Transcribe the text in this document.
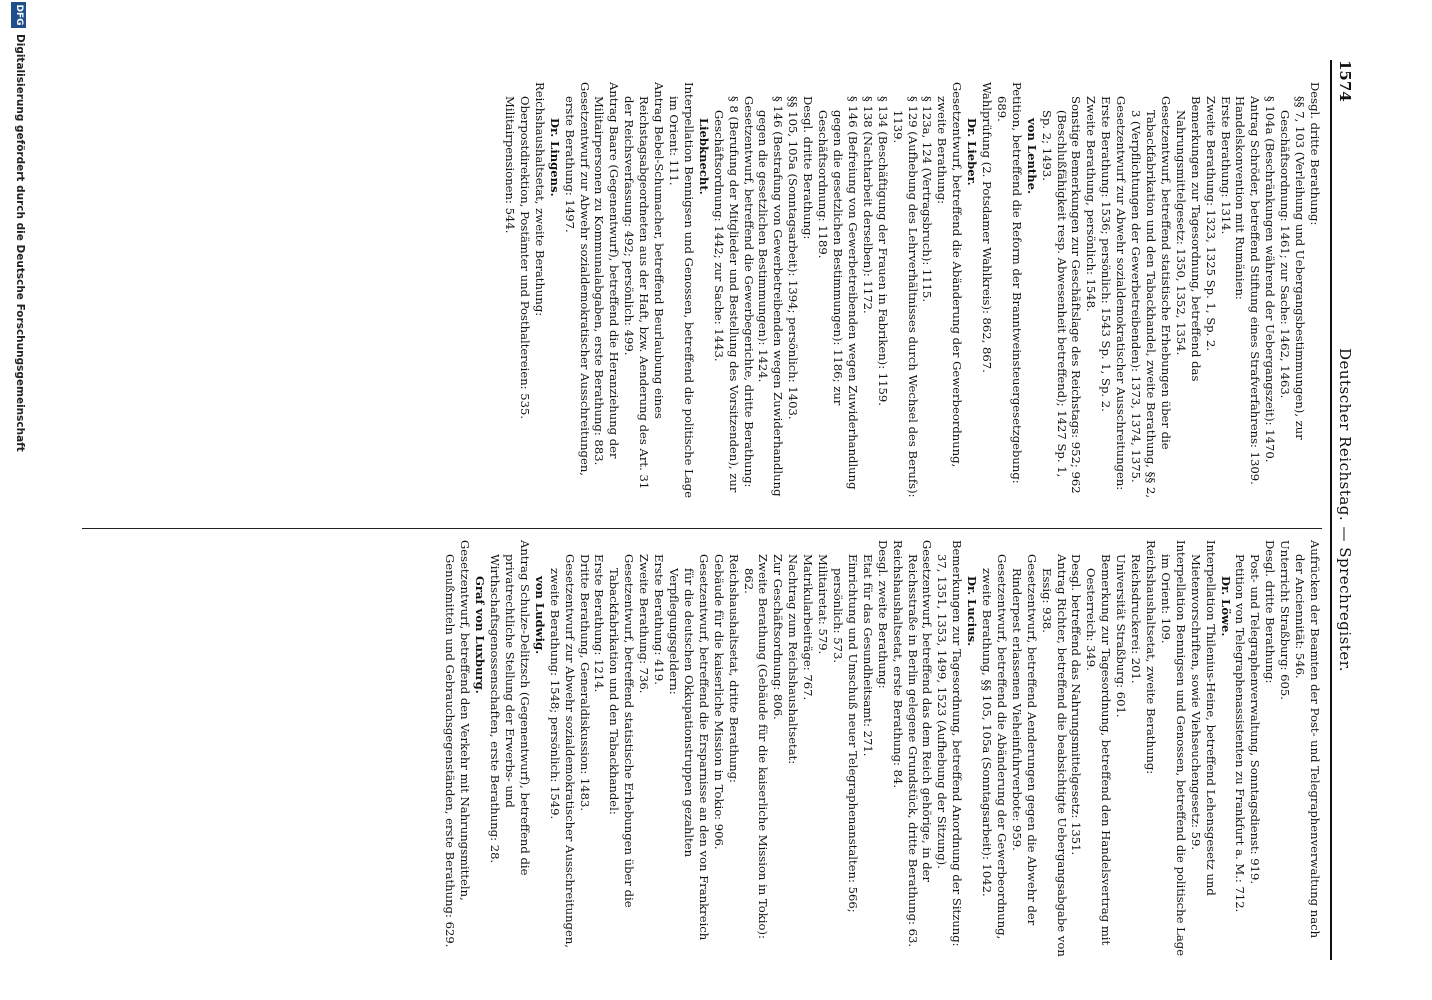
1574
Deutscher Reichstag. — Sprechregister.
Desgl. dritte Berathung:
§§ 7, 103 (Verleihung und Uebergangsbestimmungen), zur Geschäftsordnung: 1461; zur Sache: 1462, 1463.
§ 104a (Beschränkungen während der Uebergangszeit): 1470.
Antrag Schröder, betreffend Stiftung eines Strafverfahrens: 1309.
Handelskonvention mit Rumänien:
Erste Berathung: 1314.
Zweite Berathung: 1323, 1325 Sp. 1, Sp. 2.
Bemerkungen zur Tagesordnung, betreffend das Nahrungsmittelgesetz: 1350, 1352, 1354.
Gesetzentwurf, betreffend statistische Erhebungen über die Tabackfabrikation und den Tabackhandel, zweite Berathung, §§ 2, 3 (Verpflichtungen der Gewerbetreibenden): 1373, 1374, 1375.
Gesetzentwurf zur Abwehr sozialdemokratischer Ausschreitungen:
Erste Berathung: 1536; persönlich: 1543 Sp. 1, Sp. 2.
Zweite Berathung, persönlich: 1548.
Sonstige Bemerkungen zur Geschäftslage des Reichstags: 952; 962 (Beschlußfähigkeit resp. Abwesenheit betreffend); 1427 Sp. 1, Sp. 2; 1493.
von Lenthe.
Petition, betreffend die Reform der Branntweinsteuergesetzgebung: 689.
Wahlprüfung (2. Potsdamer Wahlkreis): 862, 867.
Dr. Lieber.
Gesetzentwurf, betreffend die Abänderung der Gewerbeordnung, zweite Berathung:
§ 123a, 124 (Vertragsbruch): 1115.
§ 129 (Aufhebung des Lehrverhältnisses durch Wechsel des Berufs): 1139.
§ 134 (Beschäftigung der Frauen in Fabriken): 1159.
§ 138 (Nachtarbeit derselben): 1172.
§ 146 (Befreiung von Gewerbetreibenden wegen Zuwiderhandlung gegen die gesetzlichen Bestimmungen): 1186; zur Geschäftsordnung: 1189.
Desgl. dritte Berathung:
§§ 105, 105a (Sonntagsarbeit): 1394; persönlich: 1403.
§ 146 (Bestrafung von Gewerbetreibenden wegen Zuwiderhandlung gegen die gesetzlichen Bestimmungen): 1424.
Gesetzentwurf, betreffend die Gewerbegerichte, dritte Berathung:
§ 8 (Berufung der Mitglieder und Bestellung des Vorsitzenden), zur Geschäftsordnung: 1442; zur Sache: 1443.
Liebknecht.
Interpellation Bennigsen und Genossen, betreffend die politische Lage im Orient: 111.
Antrag Bebel-Schumacher, betreffend Beurlaubung eines Reichstagsabgeordneten aus der Haft, bzw. Aenderung des Art. 31 der Reichsverfassung: 492; persönlich: 499.
Antrag Baare (Gegenentwurf), betreffend die Heranziehung der Militairpersonen zu Kommunalabgaben, erste Berathung: 883.
Gesetzentwurf zur Abwehr sozialdemokratischer Ausschreitungen, erste Berathung: 1497.
Dr. Lingens.
Reichshaushaltsetat, zweite Berathung:
Oberpostdirektion, Postämter und Posthaltereien: 535.
Militairpensionen: 544.
Aufrücken der Beamten der Post- und Telegraphenverwaltung nach der Anciennität: 546.
Unterricht Straßburg: 605.
Desgl. dritte Berathung:
Post- und Telegraphenverwaltung, Sonntagsdienst: 919.
Petition von Telegraphenassistenten zu Frankfurt a. M.: 712.
Dr. Löwe.
Interpellation Thilenius-Heine, betreffend Lehensgesetz und Mietenvorschriften, sowie Viehseuchengesetz: 59.
Interpellation Bennigsen und Genossen, betreffend die politische Lage im Orient: 109.
Reichshaushaltsetat, zweite Berathung:
Reichsdruckerei: 201.
Universität Straßburg: 601.
Bemerkung zur Tagesordnung, betreffend den Handelsvertrag mit Oesterreich: 349.
Desgl. betreffend das Nahrungsmittelgesetz: 1351.
Antrag Richter, betreffend die beabsichtigte Uebergangsabgabe von Essig: 938.
Gesetzentwurf, betreffend Aenderungen gegen die Abwehr der Rinderpest erlassenen Vieheinfuhrverbote: 959.
Gesetzentwurf, betreffend die Abänderung der Gewerbeordnung, zweite Berathung, §§ 105, 105a (Sonntagsarbeit): 1042.
Dr. Lucius.
Bemerkungen zur Tagesordnung, betreffend Anordnung der Sitzung: 37, 1351, 1353, 1499, 1523 (Aufhebung der Sitzung).
Gesetzentwurf, betreffend das dem Reich gehörige, in der Reichsstraße in Berlin gelegene Grundstück, dritte Berathung: 63.
Reichshaushaltsetat, erste Berathung: 84.
Desgl. zweite Berathung:
Etat für das Gesundheitsamt: 271.
Einrichtung und Umschuß neuer Telegraphenanstalten: 566; persönlich: 573.
Militairetat: 579.
Matrikularbeiträge: 767.
Nachtrag zum Reichshaushaltsetat:
Zur Geschäftsordnung: 806.
Zweite Berathung (Gebäude für die kaiserliche Mission in Tokio): 862.
Reichshaushaltsetat, dritte Berathung:
Gebäude für die kaiserliche Mission in Tokio: 906.
Gesetzentwurf, betreffend die Ersparnisse an den von Frankreich für die deutschen Okkupationstruppen gezahlten Verpflegungsgeldern:
Erste Berathung: 419.
Zweite Berathung: 736.
Gesetzentwurf, betreffend statistische Erhebungen über die Tabackfabrikation und den Tabackhandel:
Erste Berathung: 1214.
Dritte Berathung, Generaldiskussion: 1483.
Gesetzentwurf zur Abwehr sozialdemokratischer Ausschreitungen, zweite Berathung: 1548; persönlich: 1549.
von Ludwig.
Antrag Schulze-Delitzsch (Gegenentwurf), betreffend die privatrechtliche Stellung der Erwerbs- und Wirthschaftsgenossenschaften, erste Berathung: 28.
Graf von Luxburg.
Gesetzentwurf, betreffend den Verkehr mit Nahrungsmitteln, Genußmitteln und Gebrauchsgegenständen, erste Berathung: 629.
DFG
Digitalisierung gefördert durch die Deutsche Forschungsgemeinschaft
